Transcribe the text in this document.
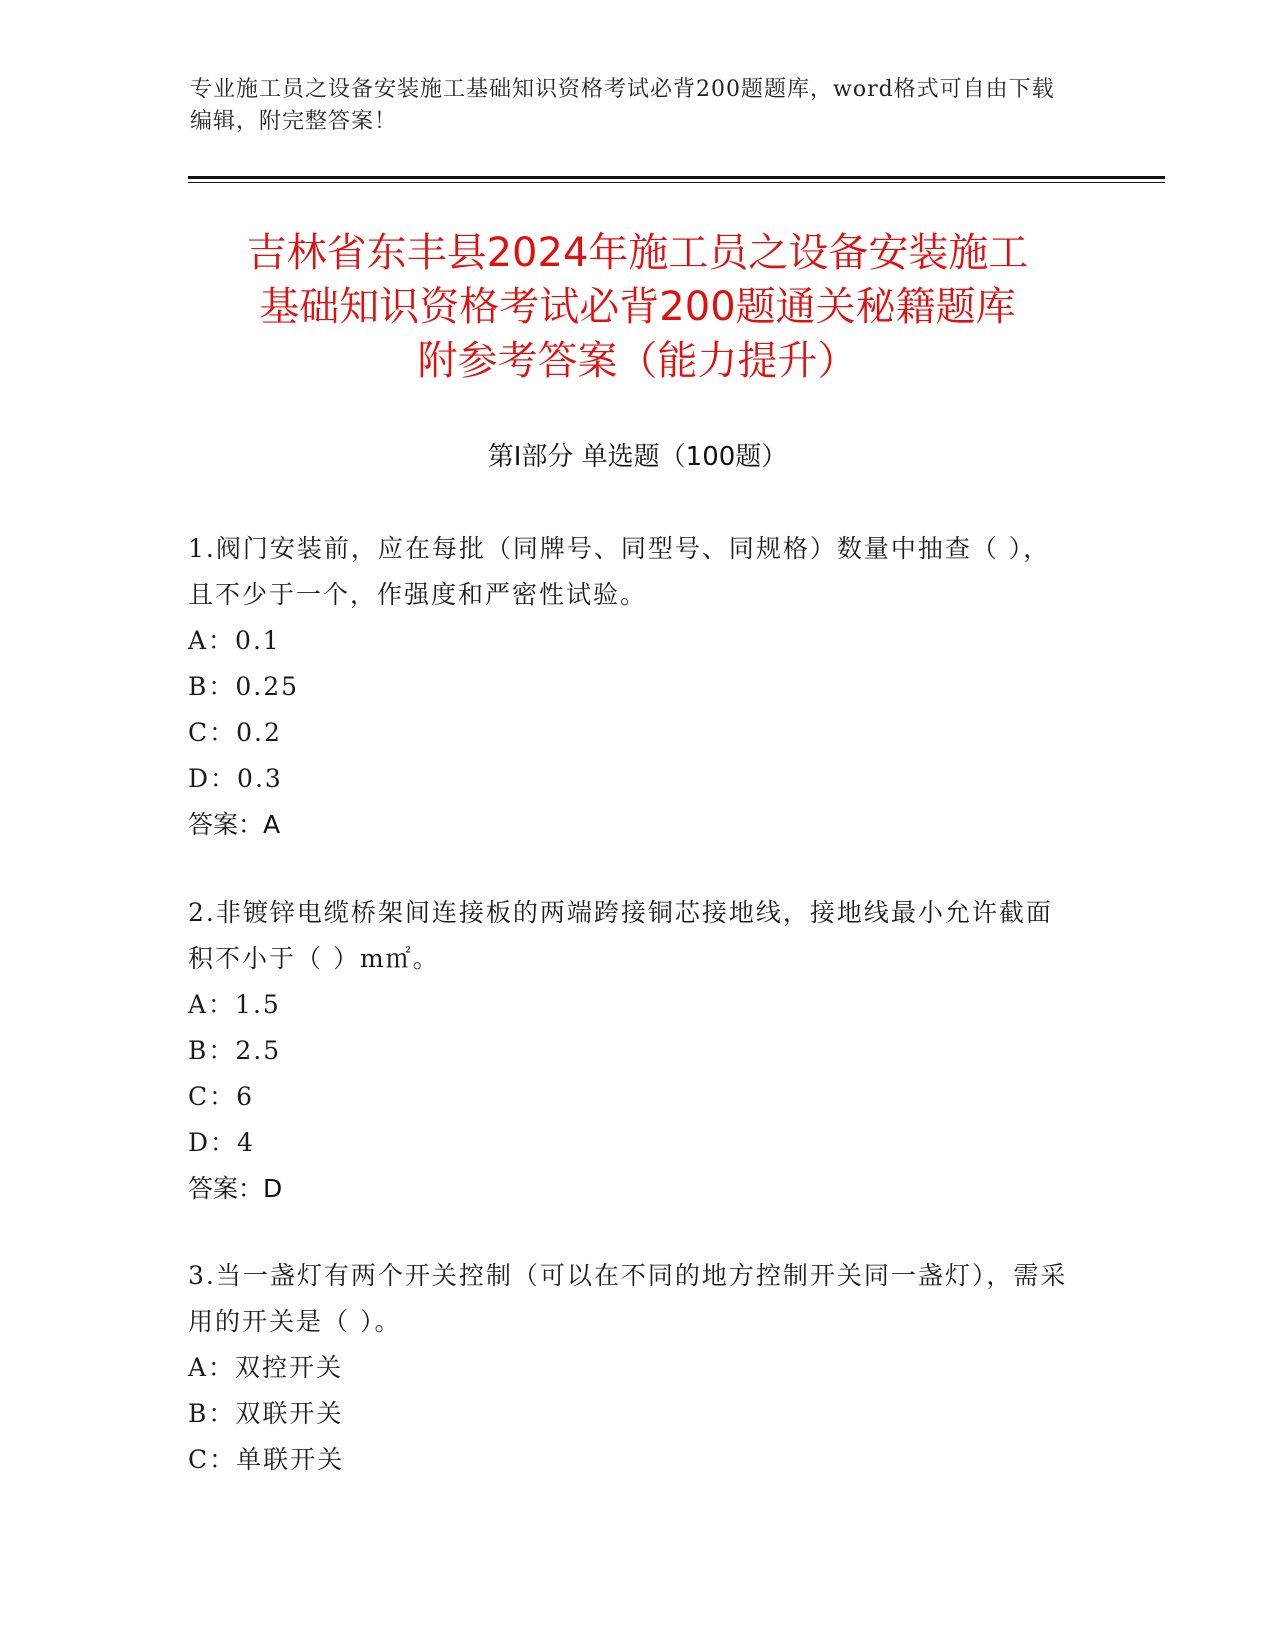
专业施工员之设备安装施工基础知识资格考试必背200题题库，word格式可自由下载编辑，附完整答案！
吉林省东丰县2024年施工员之设备安装施工
基础知识资格考试必背200题通关秘籍题库
附参考答案（能力提升）
第Ⅰ部分 单选题（100题）
1.阀门安装前，应在每批（同牌号、同型号、同规格）数量中抽查（ ），且不少于一个，作强度和严密性试验。
A：0.1
B：0.25
C：0.2
D：0.3
答案：A
2.非镀锌电缆桥架间连接板的两端跨接铜芯接地线，接地线最小允许截面积不小于（ ）m㎡。
A：1.5
B：2.5
C：6
D：4
答案：D
3.当一盏灯有两个开关控制（可以在不同的地方控制开关同一盏灯），需采用的开关是（ ）。
A：双控开关
B：双联开关
C：单联开关
